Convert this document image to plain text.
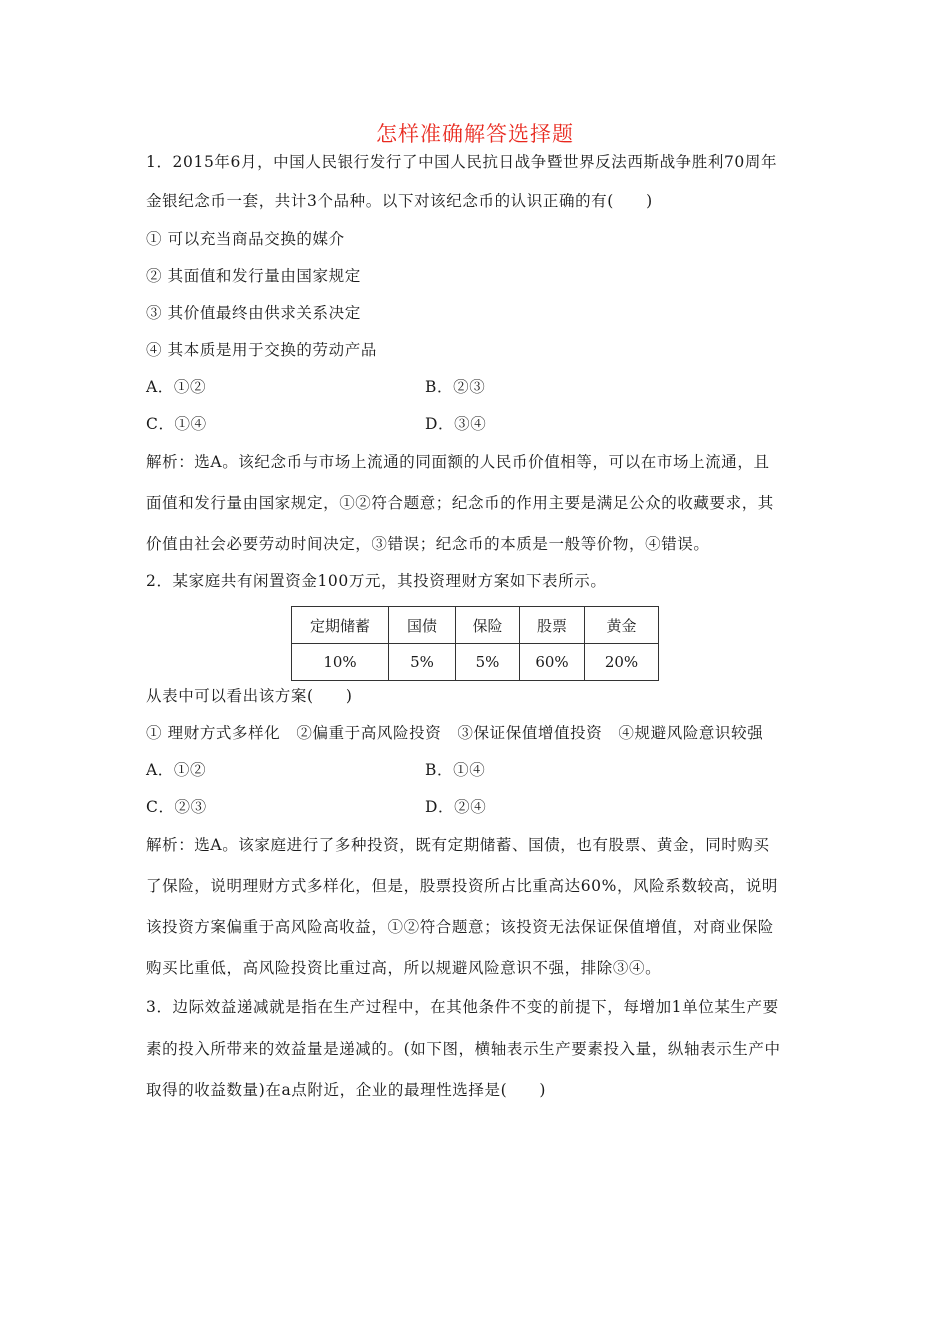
怎样准确解答选择题
1．2015年6月，中国人民银行发行了中国人民抗日战争暨世界反法西斯战争胜利70周年
金银纪念币一套，共计3个品种。以下对该纪念币的认识正确的有(　　)
① 可以充当商品交换的媒介
② 其面值和发行量由国家规定
③ 其价值最终由供求关系决定
④ 其本质是用于交换的劳动产品
A．①②	B．②③
C．①④	D．③④
解析：选A。该纪念币与市场上流通的同面额的人民币价值相等，可以在市场上流通，且
面值和发行量由国家规定，①②符合题意；纪念币的作用主要是满足公众的收藏要求，其
价值由社会必要劳动时间决定，③错误；纪念币的本质是一般等价物，④错误。
2．某家庭共有闲置资金100万元，其投资理财方案如下表所示。
定期储蓄	国债	保险	股票	黄金
10%	5%	5%	60%	20%
从表中可以看出该方案(　　)
① 理财方式多样化　②偏重于高风险投资　③保证保值增值投资　④规避风险意识较强
A．①②	B．①④
C．②③	D．②④
解析：选A。该家庭进行了多种投资，既有定期储蓄、国债，也有股票、黄金，同时购买
了保险，说明理财方式多样化，但是，股票投资所占比重高达60%，风险系数较高，说明
该投资方案偏重于高风险高收益，①②符合题意；该投资无法保证保值增值，对商业保险
购买比重低，高风险投资比重过高，所以规避风险意识不强，排除③④。
3．边际效益递减就是指在生产过程中，在其他条件不变的前提下，每增加1单位某生产要
素的投入所带来的效益量是递减的。(如下图，横轴表示生产要素投入量，纵轴表示生产中
取得的收益数量)在a点附近，企业的最理性选择是(　　)
